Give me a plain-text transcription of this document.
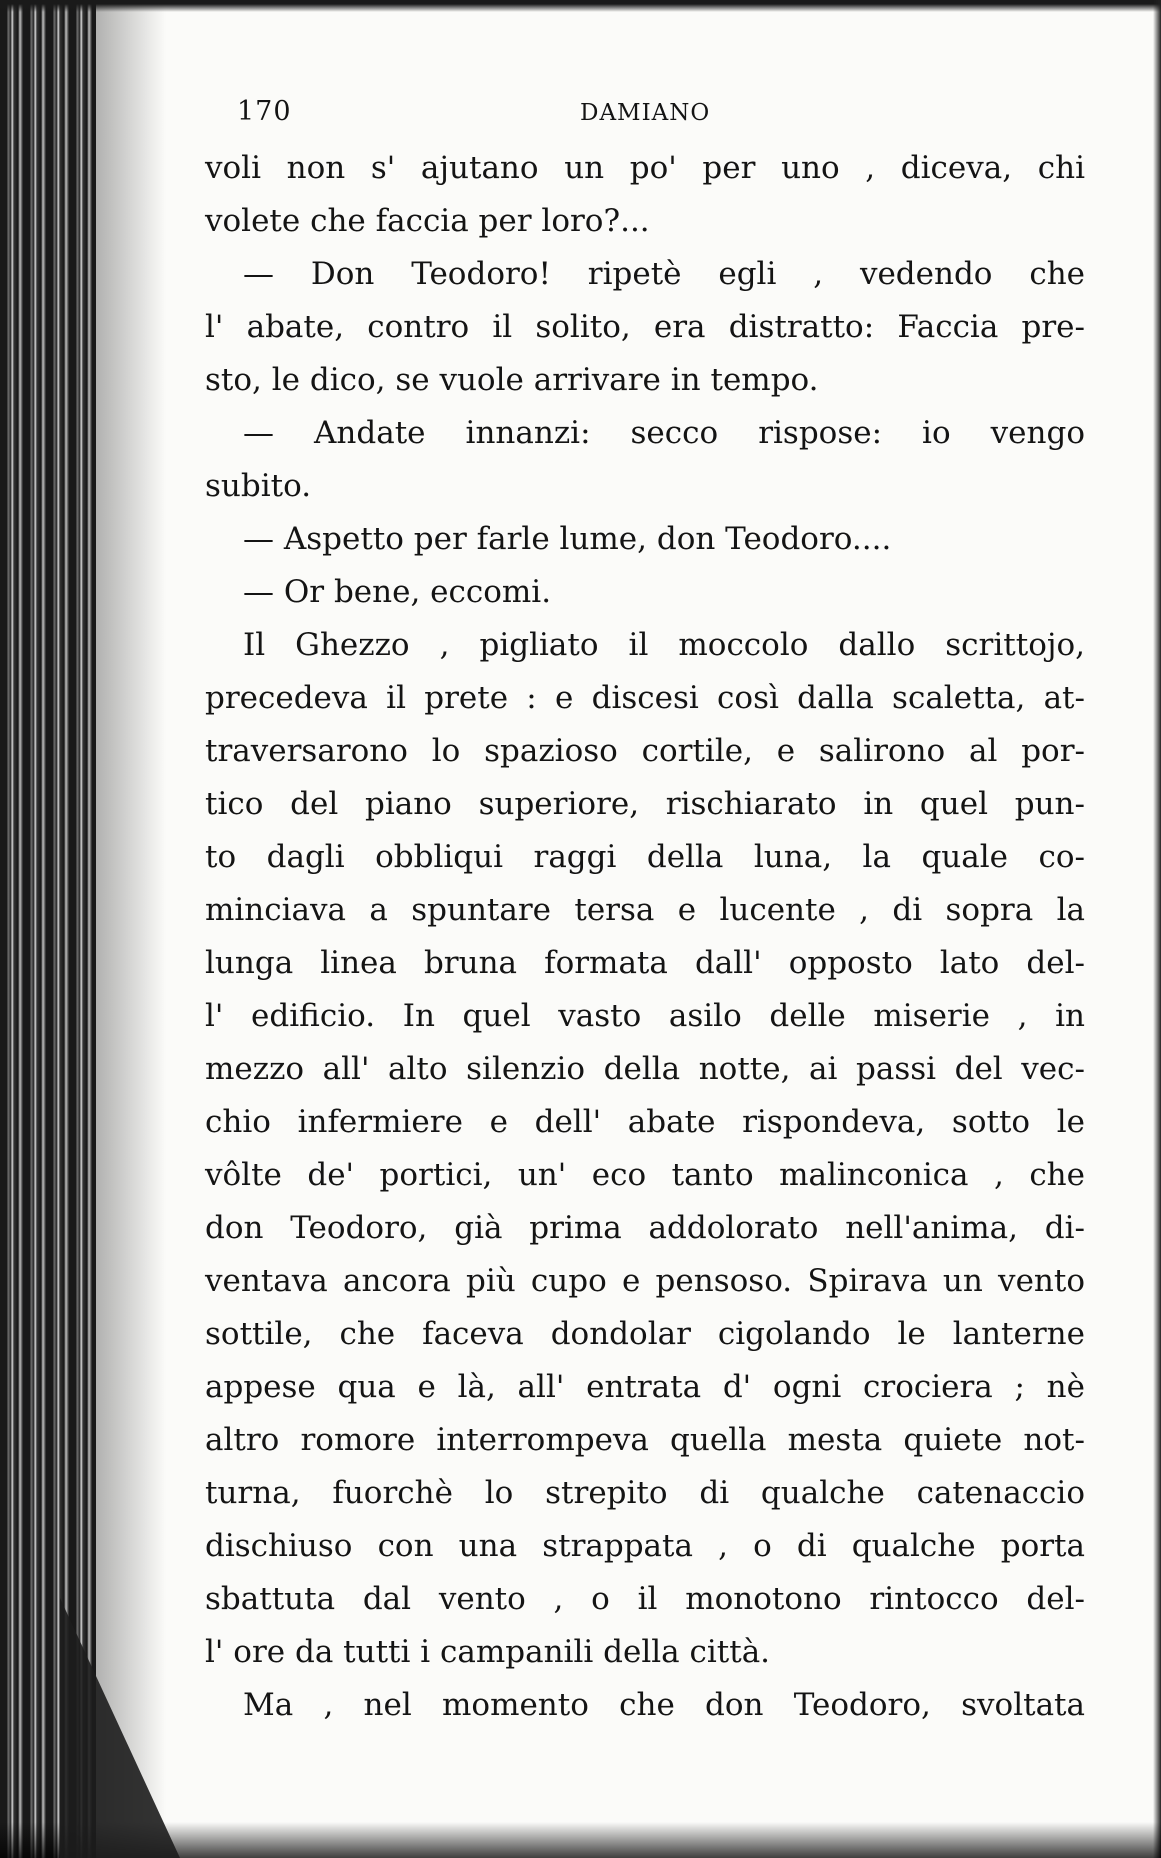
170	DAMIANO
voli non s' ajutano un po' per uno , diceva, chi
volete che faccia per loro?...
— Don Teodoro! ripetè egli , vedendo che
l' abate, contro il solito, era distratto: Faccia pre-
sto, le dico, se vuole arrivare in tempo.
— Andate innanzi: secco rispose: io vengo
subito.
— Aspetto per farle lume, don Teodoro....
— Or bene, eccomi.
Il Ghezzo , pigliato il moccolo dallo scrittojo,
precedeva il prete : e discesi così dalla scaletta, at-
traversarono lo spazioso cortile, e salirono al por-
tico del piano superiore, rischiarato in quel pun-
to dagli obbliqui raggi della luna, la quale co-
minciava a spuntare tersa e lucente , di sopra la
lunga linea bruna formata dall' opposto lato del-
l' edificio. In quel vasto asilo delle miserie , in
mezzo all' alto silenzio della notte, ai passi del vec-
chio infermiere e dell' abate rispondeva, sotto le
vôlte de' portici, un' eco tanto malinconica , che
don Teodoro, già prima addolorato nell'anima, di-
ventava ancora più cupo e pensoso. Spirava un vento
sottile, che faceva dondolar cigolando le lanterne
appese qua e là, all' entrata d' ogni crociera ; nè
altro romore interrompeva quella mesta quiete not-
turna, fuorchè lo strepito di qualche catenaccio
dischiuso con una strappata , o di qualche porta
sbattuta dal vento , o il monotono rintocco del-
l' ore da tutti i campanili della città.
Ma , nel momento che don Teodoro, svoltata
